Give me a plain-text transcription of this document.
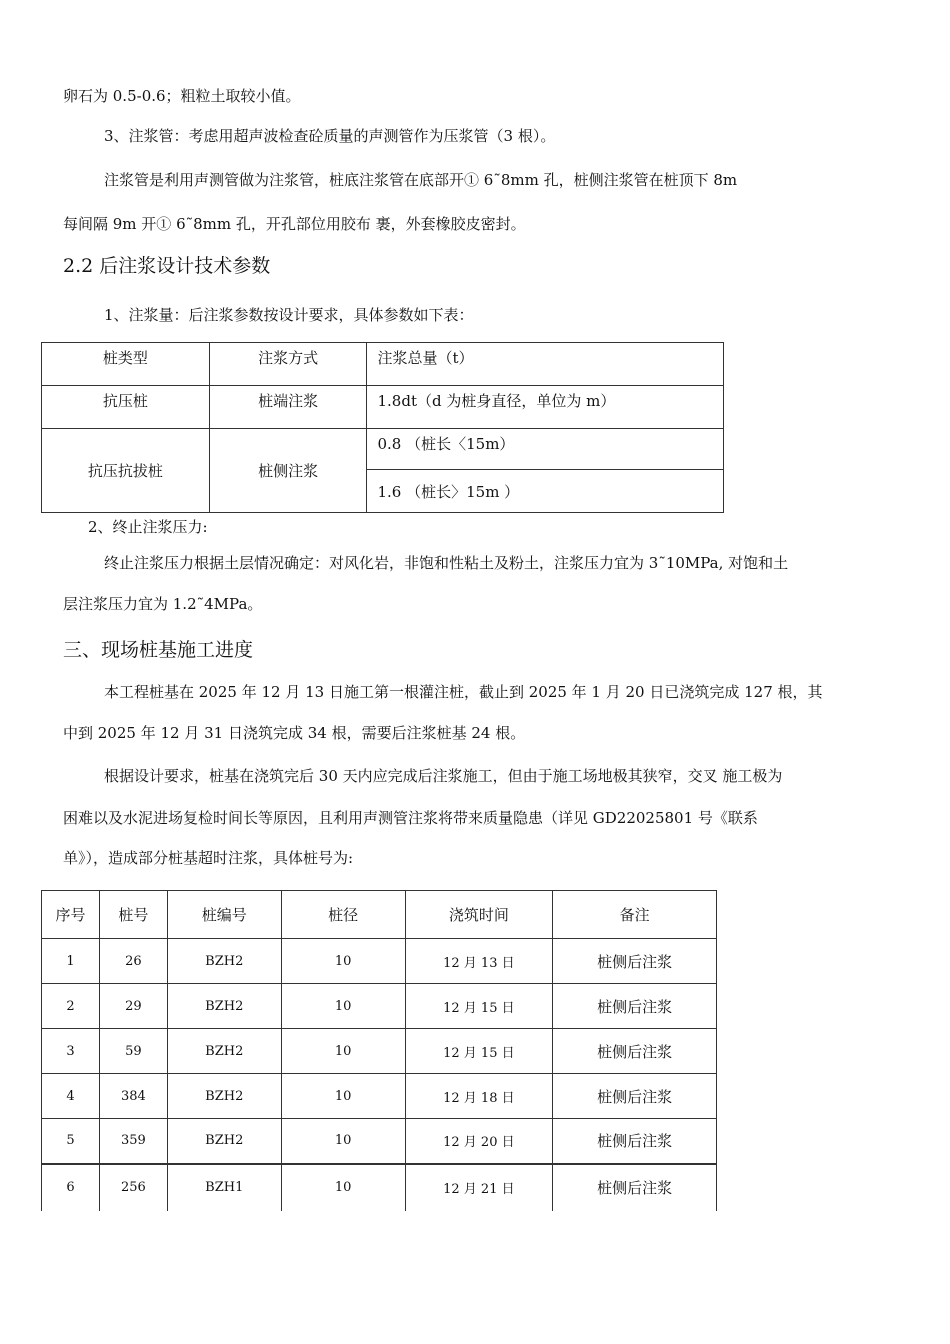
卵石为 0.5-0.6；粗粒土取较小值。
3、注浆管：考虑用超声波检查砼质量的声测管作为压浆管（3 根）。
注浆管是利用声测管做为注浆管，桩底注浆管在底部开① 6˜8mm 孔，桩侧注浆管在桩顶下 8m
每间隔 9m 开① 6˜8mm 孔，开孔部位用胶布 裹，外套橡胶皮密封。
2.2 后注浆设计技术参数
1、注浆量：后注浆参数按设计要求，具体参数如下表：
桩类型	注浆方式	注浆总量（t）
抗压桩	桩端注浆	1.8dt（d 为桩身直径，单位为 m）
抗压抗拔桩	桩侧注浆	0.8 （桩长〈15m）
		1.6 （桩长〉15m ）
2、终止注浆压力:
终止注浆压力根据土层情况确定：对风化岩，非饱和性粘土及粉土，注浆压力宜为 3˜10MPa, 对饱和土
层注浆压力宜为 1.2˜4MPa。
三、现场桩基施工进度
本工程桩基在 2025 年 12 月 13 日施工第一根灌注桩，截止到 2025 年 1 月 20 日已浇筑完成 127 根，其
中到 2025 年 12 月 31 日浇筑完成 34 根，需要后注浆桩基 24 根。
根据设计要求，桩基在浇筑完后 30 天内应完成后注浆施工，但由于施工场地极其狭窄，交叉 施工极为
困难以及水泥进场复检时间长等原因，且利用声测管注浆将带来质量隐患（详见 GD22025801 号《联系
单》），造成部分桩基超时注浆，具体桩号为:
序号	桩号	桩编号	桩径	浇筑时间	备注
1	26	BZH2	10	12 月 13 日	桩侧后注浆
2	29	BZH2	10	12 月 15 日	桩侧后注浆
3	59	BZH2	10	12 月 15 日	桩侧后注浆
4	384	BZH2	10	12 月 18 日	桩侧后注浆
5	359	BZH2	10	12 月 20 日	桩侧后注浆
6	256	BZH1	10	12 月 21 日	桩侧后注浆
